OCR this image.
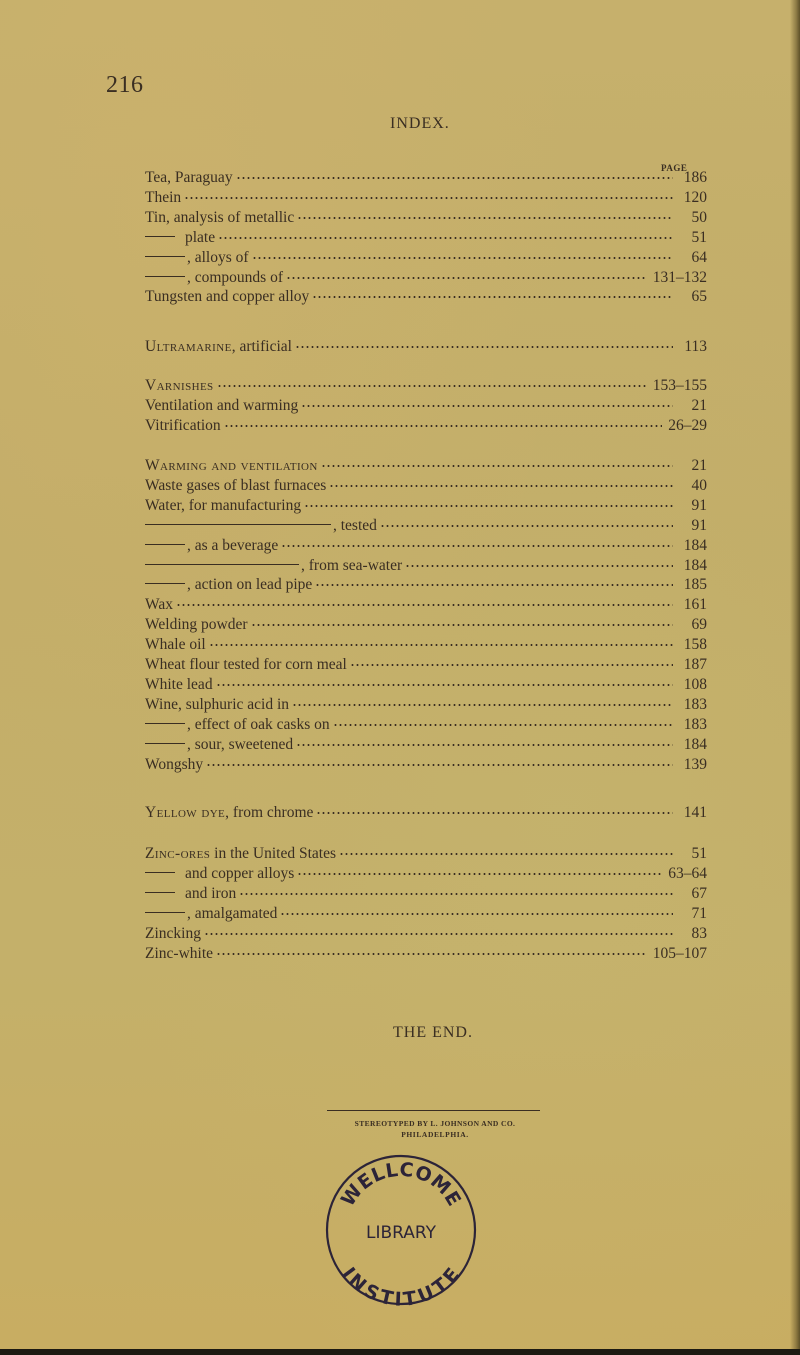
216
INDEX.
PAGE
Tea, Paraguay	186
Thein	120
Tin, analysis of metallic	50
plate	51
, alloys of	64
, compounds of	131–132
Tungsten and copper alloy	65
Ultramarine , artificial	113
Varnishes	153–155
Ventilation and warming	21
Vitrification	26–29
Warming and ventilation	21
Waste gases of blast furnaces	40
Water, for manufacturing	91
, tested	91
, as a beverage	184
, from sea-water	184
, action on lead pipe	185
Wax	161
Welding powder	69
Whale oil	158
Wheat flour tested for corn meal	187
White lead	108
Wine, sulphuric acid in	183
, effect of oak casks on	183
, sour, sweetened	184
Wongshy	139
Yellow dye , from chrome	141
Zinc-ores in the United States	51
and copper alloys	63–64
and iron	67
, amalgamated	71
Zincking	83
Zinc-white	105–107
THE END.
STEREOTYPED BY L. JOHNSON AND CO.
PHILADELPHIA.
WELLCOME
LIBRARY
INSTITUTE
